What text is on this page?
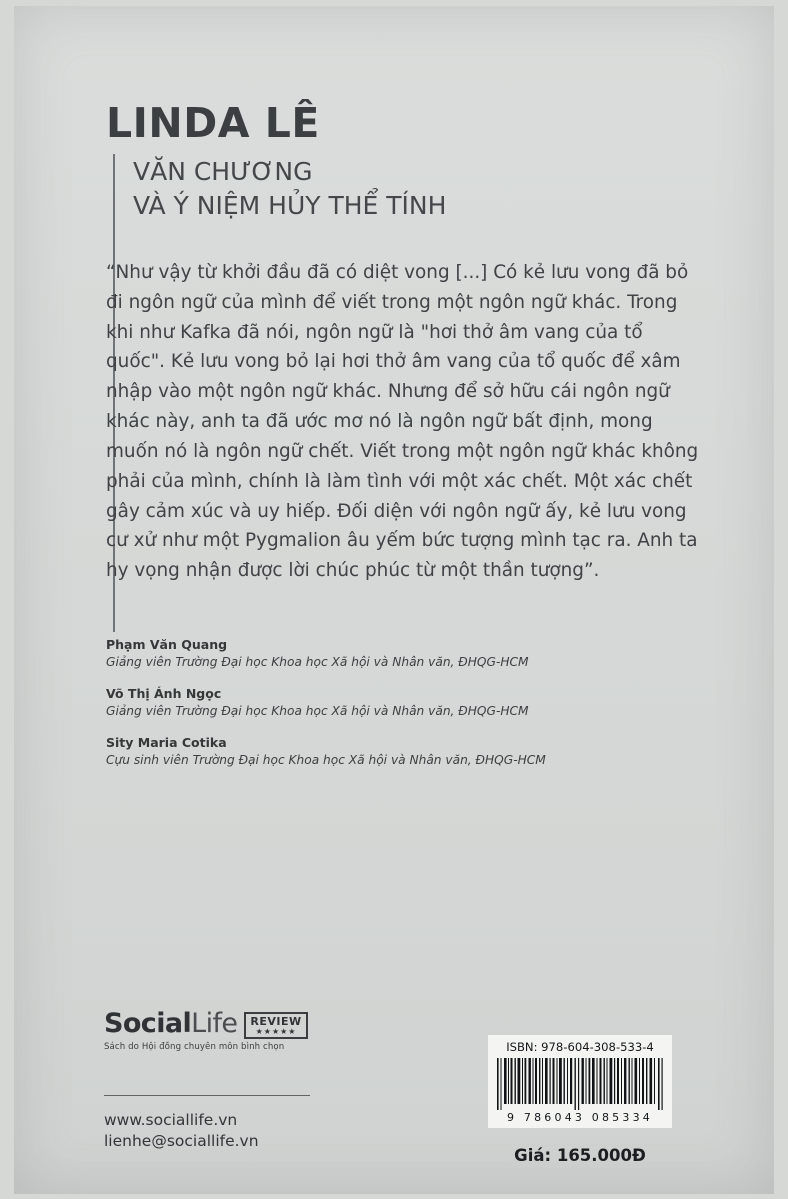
LINDA LÊ
VĂN CHƯƠNG
VÀ Ý NIỆM HỦY THỂ TÍNH
“Như vậy từ khởi đầu đã có diệt vong [...] Có kẻ lưu vong đã bỏ đi ngôn ngữ của mình để viết trong một ngôn ngữ khác. Trong khi như Kafka đã nói, ngôn ngữ là "hơi thở âm vang của tổ quốc". Kẻ lưu vong bỏ lại hơi thở âm vang của tổ quốc để xâm nhập vào một ngôn ngữ khác. Nhưng để sở hữu cái ngôn ngữ khác này, anh ta đã ước mơ nó là ngôn ngữ bất định, mong muốn nó là ngôn ngữ chết. Viết trong một ngôn ngữ khác không phải của mình, chính là làm tình với một xác chết. Một xác chết gây cảm xúc và uy hiếp. Đối diện với ngôn ngữ ấy, kẻ lưu vong cư xử như một Pygmalion âu yếm bức tượng mình tạc ra. Anh ta hy vọng nhận được lời chúc phúc từ một thần tượng”.
Phạm Văn Quang
Giảng viên Trường Đại học Khoa học Xã hội và Nhân văn, ĐHQG-HCM
Võ Thị Ánh Ngọc
Giảng viên Trường Đại học Khoa học Xã hội và Nhân văn, ĐHQG-HCM
Sity Maria Cotika
Cựu sinh viên Trường Đại học Khoa học Xã hội và Nhân văn, ĐHQG-HCM
SocialLife REVIEW
★★★★★
Sách do Hội đồng chuyên môn bình chọn
www.sociallife.vn
lienhe@sociallife.vn
ISBN: 978-604-308-533-4
9 786043 085334
Giá: 165.000Đ
